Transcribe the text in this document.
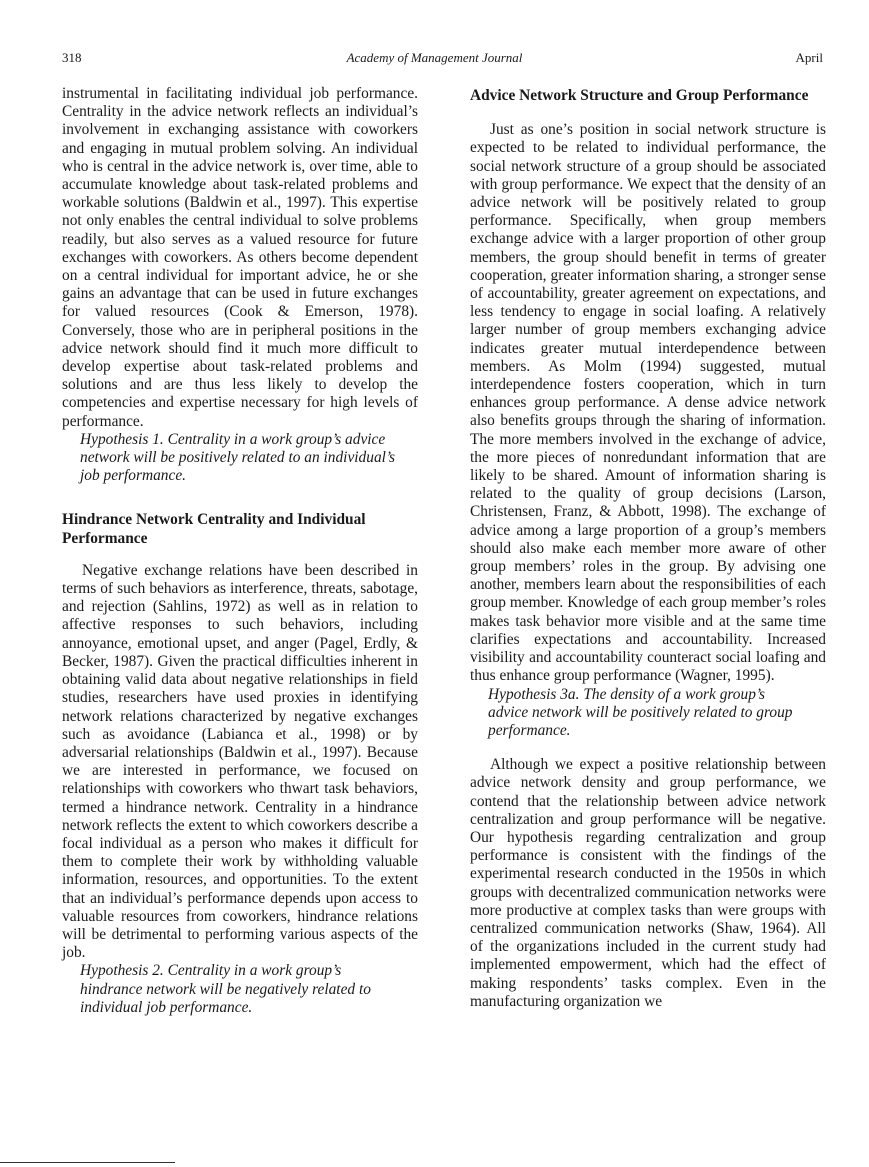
318	Academy of Management Journal	April

instrumental in facilitating individual job performance. Centrality in the advice network reflects an individual’s involvement in exchanging assistance with coworkers and engaging in mutual problem solving. An individual who is central in the advice network is, over time, able to accumulate knowledge about task-related problems and workable solutions (Baldwin et al., 1997). This expertise not only enables the central individual to solve problems readily, but also serves as a valued resource for future exchanges with coworkers. As others become dependent on a central individual for important advice, he or she gains an advantage that can be used in future exchanges for valued resources (Cook & Emerson, 1978). Conversely, those who are in peripheral positions in the advice network should find it much more difficult to develop expertise about task-related problems and solutions and are thus less likely to develop the competencies and expertise necessary for high levels of performance.

Hypothesis 1. Centrality in a work group’s advice network will be positively related to an individual’s job performance.

Hindrance Network Centrality and Individual Performance

Negative exchange relations have been described in terms of such behaviors as interference, threats, sabotage, and rejection (Sahlins, 1972) as well as in relation to affective responses to such behaviors, including annoyance, emotional upset, and anger (Pagel, Erdly, & Becker, 1987). Given the practical difficulties inherent in obtaining valid data about negative relationships in field studies, researchers have used proxies in identifying network relations characterized by negative exchanges such as avoidance (Labianca et al., 1998) or by adversarial relationships (Baldwin et al., 1997). Because we are interested in performance, we focused on relationships with coworkers who thwart task behaviors, termed a hindrance network. Centrality in a hindrance network reflects the extent to which coworkers describe a focal individual as a person who makes it difficult for them to complete their work by withholding valuable information, resources, and opportunities. To the extent that an individual’s performance depends upon access to valuable resources from coworkers, hindrance relations will be detrimental to performing various aspects of the job.

Hypothesis 2. Centrality in a work group’s hindrance network will be negatively related to individual job performance.

Advice Network Structure and Group Performance

Just as one’s position in social network structure is expected to be related to individual performance, the social network structure of a group should be associated with group performance. We expect that the density of an advice network will be positively related to group performance. Specifically, when group members exchange advice with a larger proportion of other group members, the group should benefit in terms of greater cooperation, greater information sharing, a stronger sense of accountability, greater agreement on expectations, and less tendency to engage in social loafing. A relatively larger number of group members exchanging advice indicates greater mutual interdependence between members. As Molm (1994) suggested, mutual interdependence fosters cooperation, which in turn enhances group performance. A dense advice network also benefits groups through the sharing of information. The more members involved in the exchange of advice, the more pieces of nonredundant information that are likely to be shared. Amount of information sharing is related to the quality of group decisions (Larson, Christensen, Franz, & Abbott, 1998). The exchange of advice among a large proportion of a group’s members should also make each member more aware of other group members’ roles in the group. By advising one another, members learn about the responsibilities of each group member. Knowledge of each group member’s roles makes task behavior more visible and at the same time clarifies expectations and accountability. Increased visibility and accountability counteract social loafing and thus enhance group performance (Wagner, 1995).

Hypothesis 3a. The density of a work group’s advice network will be positively related to group performance.

Although we expect a positive relationship between advice network density and group performance, we contend that the relationship between advice network centralization and group performance will be negative. Our hypothesis regarding centralization and group performance is consistent with the findings of the experimental research conducted in the 1950s in which groups with decentralized communication networks were more productive at complex tasks than were groups with centralized communication networks (Shaw, 1964). All of the organizations included in the current study had implemented empowerment, which had the effect of making respondents’ tasks complex. Even in the manufacturing organization we
